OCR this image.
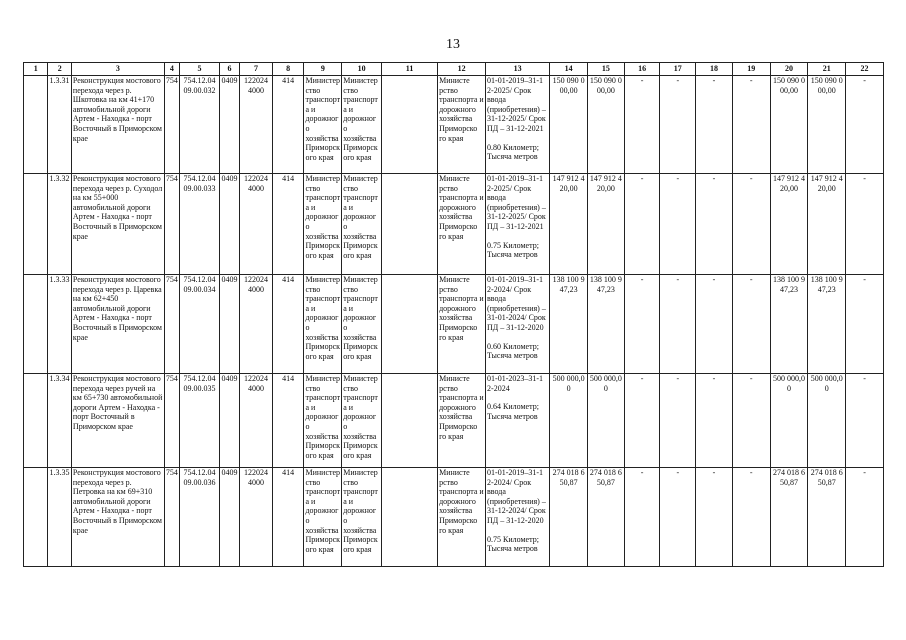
13
1	2	3	4	5	6	7	8	9	10	11	12	13	14	15	16	17	18	19	20	21	22
	1.3.31	Реконструкция мостового перехода через р. Шкотовка на км 41+170 автомобильной дороги Артем - Находка - порт Восточный в Приморском крае	754	754.12.04 09.00.032	0409	122024 4000	414	Министер ство транспорт а и дорожног о хозяйства Приморск ого края	Министер ство транспорт а и дорожног о хозяйства Приморск ого края		Министе рство транспорта и дорожного хозяйства Приморско го края	01-01-2019–31-1 2-2025/ Срок ввода (приобретения) – 31-12-2025/ Срок ПД – 31-12-2021
0.80 Километр; Тысяча метров	150 090 0 00,00	150 090 0 00,00	-	-	-	-	150 090 0 00,00	150 090 0 00,00	-
	1.3.32	Реконструкция мостового перехода через р. Суходол на км 55+000 автомобильной дороги Артем - Находка - порт Восточный в Приморском крае	754	754.12.04 09.00.033	0409	122024 4000	414	Министер ство транспорт а и дорожног о хозяйства Приморск ого края	Министер ство транспорт а и дорожног о хозяйства Приморск ого края		Министе рство транспорта и дорожного хозяйства Приморско го края	01-01-2019–31-1 2-2025/ Срок ввода (приобретения) – 31-12-2025/ Срок ПД – 31-12-2021
0.75 Километр; Тысяча метров	147 912 4 20,00	147 912 4 20,00	-	-	-	-	147 912 4 20,00	147 912 4 20,00	-
	1.3.33	Реконструкция мостового перехода через р. Царевка на км 62+450 автомобильной дороги Артем - Находка - порт Восточный в Приморском крае	754	754.12.04 09.00.034	0409	122024 4000	414	Министер ство транспорт а и дорожног о хозяйства Приморск ого края	Министер ство транспорт а и дорожног о хозяйства Приморск ого края		Министе рство транспорта и дорожного хозяйства Приморско го края	01-01-2019–31-1 2-2024/ Срок ввода (приобретения) – 31-01-2024/ Срок ПД – 31-12-2020
0.60 Километр; Тысяча метров	138 100 9 47,23	138 100 9 47,23	-	-	-	-	138 100 9 47,23	138 100 9 47,23	-
	1.3.34	Реконструкция мостового перехода через ручей на км 65+730 автомобильной дороги Артем - Находка - порт Восточный в Приморском крае	754	754.12.04 09.00.035	0409	122024 4000	414	Министер ство транспорт а и дорожног о хозяйства Приморск ого края	Министер ство транспорт а и дорожног о хозяйства Приморск ого края		Министе рство транспорта и дорожного хозяйства Приморско го края	01-01-2023–31-1 2-2024
0.64 Километр; Тысяча метров	500 000,0 0	500 000,0 0	-	-	-	-	500 000,0 0	500 000,0 0	-
	1.3.35	Реконструкция мостового перехода через р. Петровка на км 69+310 автомобильной дороги Артем - Находка - порт Восточный в Приморском крае	754	754.12.04 09.00.036	0409	122024 4000	414	Министер ство транспорт а и дорожног о хозяйства Приморск ого края	Министер ство транспорт а и дорожног о хозяйства Приморск ого края		Министе рство транспорта и дорожного хозяйства Приморско го края	01-01-2019–31-1 2-2024/ Срок ввода (приобретения) – 31-12-2024/ Срок ПД – 31-12-2020
0.75 Километр; Тысяча метров	274 018 6 50,87	274 018 6 50,87	-	-	-	-	274 018 6 50,87	274 018 6 50,87	-
